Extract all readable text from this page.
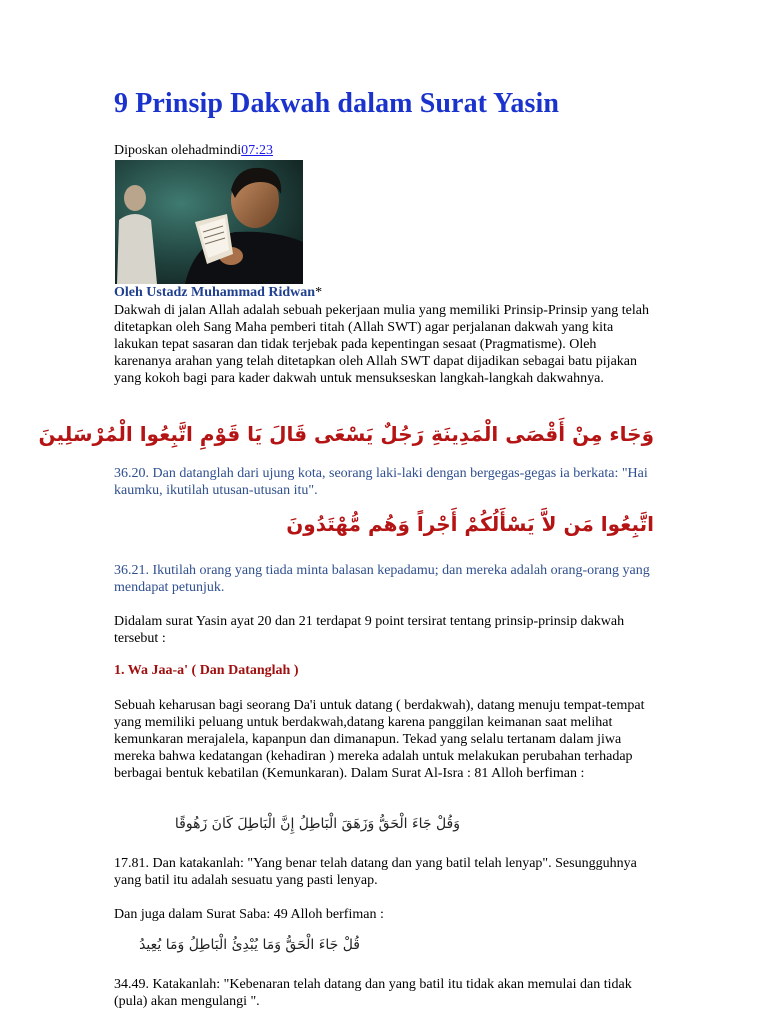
9 Prinsip Dakwah dalam Surat Yasin
Diposkan olehadmindi07:23
Oleh Ustadz Muhammad Ridwan*

Dakwah di jalan Allah adalah sebuah pekerjaan mulia yang memiliki Prinsip-Prinsip yang telah ditetapkan oleh Sang Maha pemberi titah (Allah SWT) agar perjalanan dakwah yang kita lakukan tepat sasaran dan tidak terjebak pada kepentingan sesaat (Pragmatisme). Oleh karenanya arahan yang telah ditetapkan oleh Allah SWT dapat dijadikan sebagai batu pijakan yang kokoh bagi para kader dakwah untuk mensukseskan langkah-langkah dakwahnya.

وَجَاء مِنْ أَقْصَى الْمَدِينَةِ رَجُلٌ يَسْعَى قَالَ يَا قَوْمِ اتَّبِعُوا الْمُرْسَلِينَ

36.20. Dan datanglah dari ujung kota, seorang laki-laki dengan bergegas-gegas ia berkata: "Hai kaumku, ikutilah utusan-utusan itu".

اتَّبِعُوا مَن لاَّ يَسْأَلُكُمْ أَجْراً وَهُم مُّهْتَدُونَ

36.21. Ikutilah orang yang tiada minta balasan kepadamu; dan mereka adalah orang-orang yang mendapat petunjuk.

Didalam surat Yasin ayat 20 dan 21 terdapat 9 point tersirat tentang prinsip-prinsip dakwah tersebut :

1. Wa Jaa-a' ( Dan Datanglah )

Sebuah keharusan bagi seorang Da'i untuk datang ( berdakwah), datang menuju tempat-tempat yang memiliki peluang untuk berdakwah,datang karena panggilan keimanan saat melihat kemunkaran merajalela, kapanpun dan dimanapun. Tekad yang selalu tertanam dalam jiwa mereka bahwa kedatangan (kehadiran ) mereka adalah untuk melakukan perubahan terhadap berbagai bentuk kebatilan (Kemunkaran). Dalam Surat Al-Isra : 81 Alloh berfiman :

وَقُلْ جَاءَ الْحَقُّ وَزَهَقَ الْبَاطِلُ إِنَّ الْبَاطِلَ كَانَ زَهُوقًا

17.81. Dan katakanlah: "Yang benar telah datang dan yang batil telah lenyap". Sesungguhnya yang batil itu adalah sesuatu yang pasti lenyap.

Dan juga dalam Surat Saba: 49 Alloh berfiman :

قُلْ جَاءَ الْحَقُّ وَمَا يُبْدِئُ الْبَاطِلُ وَمَا يُعِيدُ

34.49. Katakanlah: "Kebenaran telah datang dan yang batil itu tidak akan memulai dan tidak (pula) akan mengulangi ".
